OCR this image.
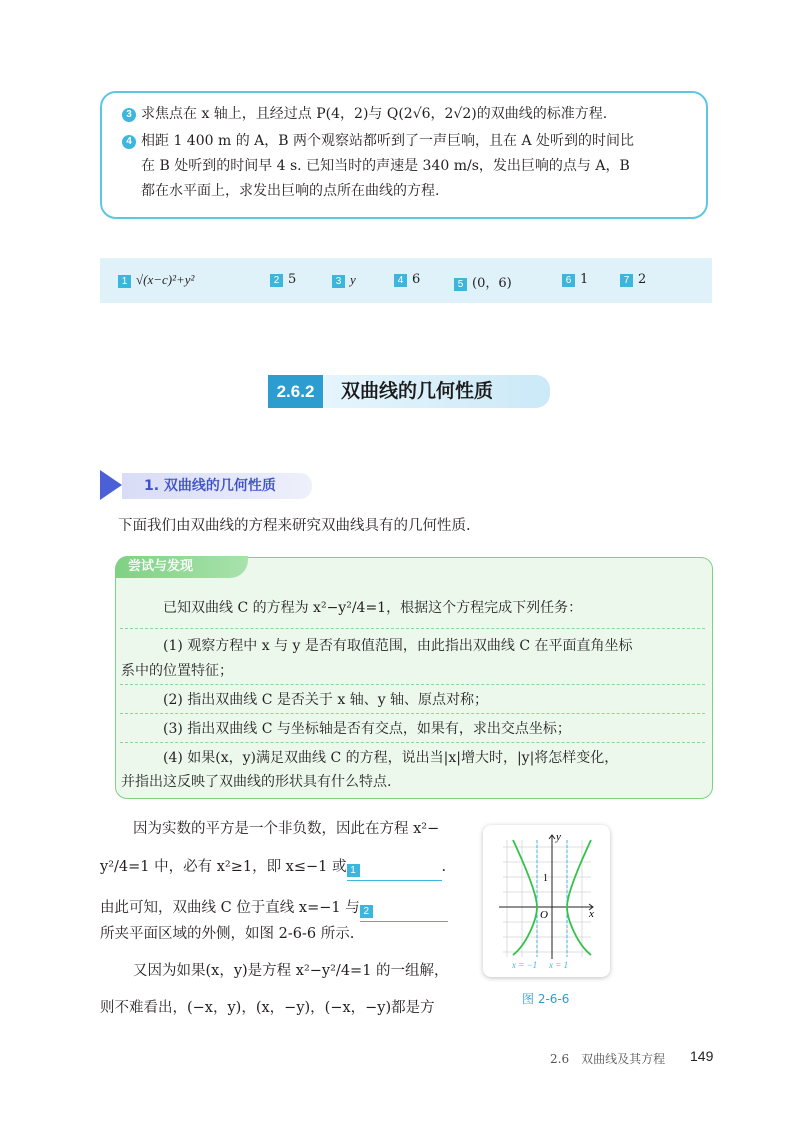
3 求焦点在 x 轴上，且经过点 P(4，2)与 Q(2√6，2√2)的双曲线的标准方程.
4 相距 1 400 m 的 A，B 两个观察站都听到了一声巨响，且在 A 处听到的时间比
在 B 处听到的时间早 4 s. 已知当时的声速是 340 m/s，发出巨响的点与 A，B
都在水平面上，求发出巨响的点所在曲线的方程.
1 √(x−c)²+y²	2 5	3 y	4 6	5 (0，6)	6 1	7 2
2.6.2	双曲线的几何性质
1. 双曲线的几何性质
下面我们由双曲线的方程来研究双曲线具有的几何性质.
尝试与发现
已知双曲线 C 的方程为 x²−y²/4=1，根据这个方程完成下列任务：
(1) 观察方程中 x 与 y 是否有取值范围，由此指出双曲线 C 在平面直角坐标
系中的位置特征；
(2) 指出双曲线 C 是否关于 x 轴、y 轴、原点对称；
(3) 指出双曲线 C 与坐标轴是否有交点，如果有，求出交点坐标；
(4) 如果(x，y)满足双曲线 C 的方程，说出当|x|增大时，|y|将怎样变化，
并指出这反映了双曲线的形状具有什么特点.
因为实数的平方是一个非负数，因此在方程 x²−
y²/4=1 中，必有 x²≥1，即 x≤−1 或 1	.
由此可知，双曲线 C 位于直线 x=−1 与 2
所夹平面区域的外侧，如图 2-6-6 所示.
又因为如果(x，y)是方程 x²−y²/4=1 的一组解，
则不难看出，(−x，y)，(x，−y)，(−x，−y)都是方
y
x
O
1
x = −1 x = 1
图 2-6-6
2.6　双曲线及其方程 149
